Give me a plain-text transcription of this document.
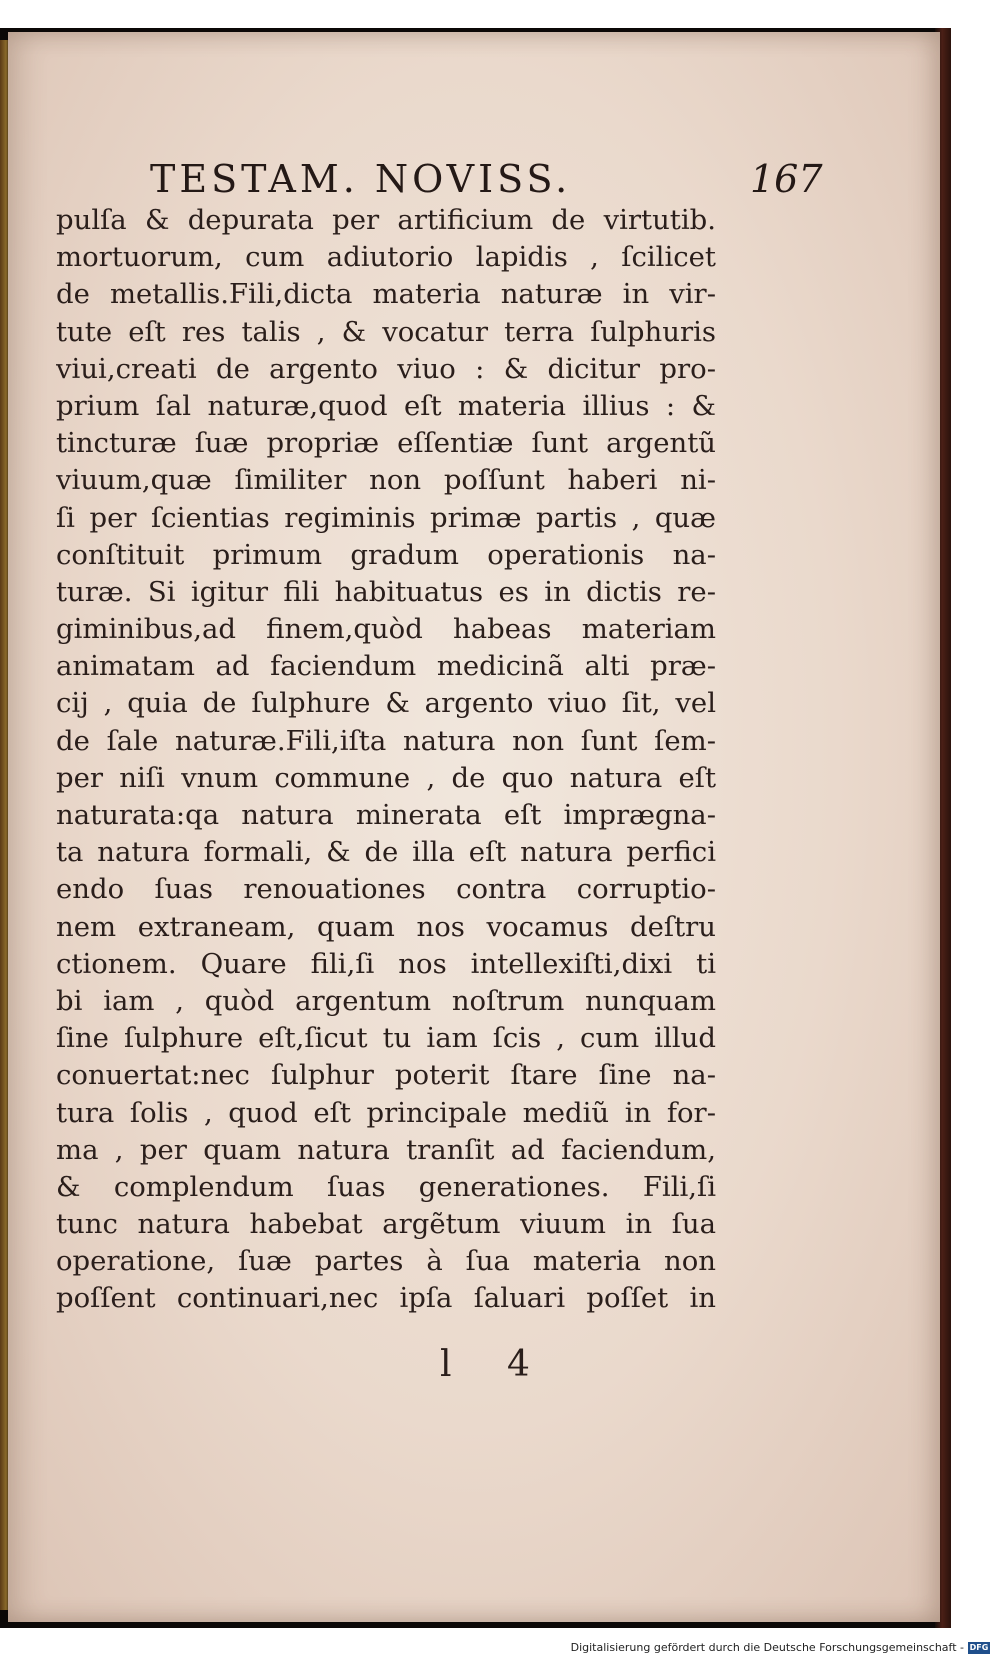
TESTAM. NOVISS.	167
pulſa & depurata per artificium de virtutib.
mortuorum, cum adiutorio lapidis , ſcilicet
de metallis.Fili,dicta materia naturæ in vir-
tute eſt res talis , & vocatur terra ſulphuris
viui,creati de argento viuo : & dicitur pro-
prium ſal naturæ,quod eſt materia illius : &
tincturæ ſuæ propriæ eſſentiæ ſunt argentũ
viuum,quæ ſimiliter non poſſunt haberi ni-
ſi per ſcientias regiminis primæ partis , quæ
conſtituit primum gradum operationis na-
turæ. Si igitur fili habituatus es in dictis re-
giminibus,ad finem,quòd habeas materiam
animatam ad faciendum medicinã alti præ-
cij , quia de ſulphure & argento viuo ſit, vel
de ſale naturæ.Fili,iſta natura non ſunt ſem-
per niſi vnum commune , de quo natura eſt
naturata:qa natura minerata eſt imprægna-
ta natura formali, & de illa eſt natura perfici
endo ſuas renouationes contra corruptio-
nem extraneam, quam nos vocamus deſtru
ctionem. Quare fili,ſi nos intellexiſti,dixi ti
bi iam , quòd argentum noſtrum nunquam
ſine ſulphure eſt,ſicut tu iam ſcis , cum illud
conuertat:nec ſulphur poterit ſtare ſine na-
tura ſolis , quod eſt principale mediũ in for-
ma , per quam natura tranſit ad faciendum,
& complendum ſuas generationes. Fili,ſi
tunc natura habebat argẽtum viuum in ſua
operatione, ſuæ partes à ſua materia non
poſſent continuari,nec ipſa ſaluari poſſet in
l 4
Digitalisierung gefördert durch die Deutsche Forschungsgemeinschaft - DFG
